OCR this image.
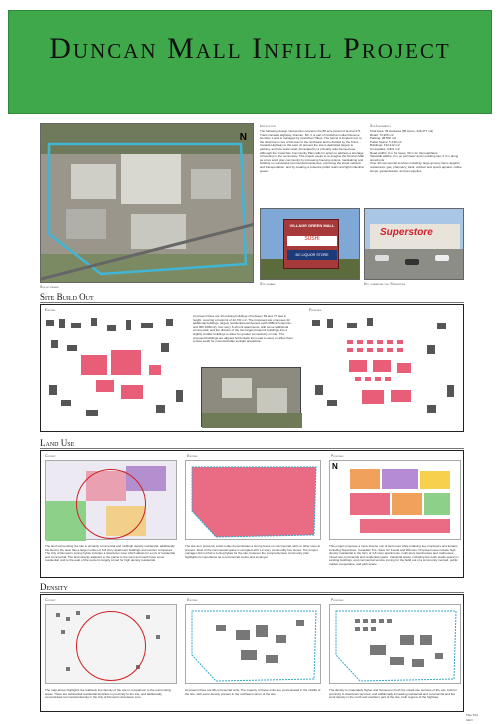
Duncan Mall Infill Project
N
Site at present
Introduction
The following design intervention concerns the 88 acre parcel of land at 271 Trans Canada Highway, Duncan, BC. It is part of Cowichan Indian Reserve Number 1 and is managed by Cowichan Tribes. The parcel is located next to the downtown core of Duncan to the northwest and is divided by the Trans Canada Highway to the east. At present the site is dedicated largely to parking, and low scale retail; dominated by a primarily auto-focused use. Although the Cowichan Community Plan calls for action to address a shortage of housing in the community. This project seeks to re-imagine the Duncan Mall as a live work play community by increasing housing options, maintaining and building on successful commercial businesses, improving the street network and transportation, and by creating a cohesive public realm and light industrial space.
Site Information
Total Area: 35 Hectares (86 Acres, 349,377 m2)
Retail: 73,395 m2
Parking: 38,500 m2
Public Space: 5,130 m2
Buildings: 133,412 m2
Crosswalks: 3,821 m2
Road widths: 9 m for lanes, 30 m for thoroughfares
Sidewalk widths: 3 m on perimeter and in parking lots, 0.3 m along storefronts
Over 30 commercial services including: large grocery items apparel, restaurants, gas, pharmacy, bank, outdoor and sports apparel, coffee shops, gardenstands, and pet supplies
VILLAGE GREEN MALL
SUSHI
BC LIQUOR STORE
Site signage
Superstore
Key commercial use: Superstore
Site Build Out
Existing	Proposed
At present there are 19 existing buildings of between 69 and 77 feet in height, covering a footprint of 42,721 m2. The proposed site proposes 42 additional buildings, largely residential townhouses (with 288m2 footprints, and 905 1000m2), four-story 6-10 unit apartments, with some additional commercial; and the division of the two largest footprint buildings into 4 slightly smaller buildings to allow for greater connectivity on site. The proposed buildings are aligned horizontally from east to west, to allow them to face south for most desirable sunlight acquisition.
Land Use
Context	Existing	Proposed
N
The land surrounding the site is primarily commercial and mid/high density residential, additionally the land to the west has a large number of 6-8 story apartment buildings and seniors complexes. The City of Duncan's zoning bylaw includes a downtown zone which allows for a mix of residential and commercial. The land directly adjacent to the parcel to the west and south have some residential, and to the east of the parcel is largely zoned for high density residential.
The site as it presently exists today demonstrates a strong focus on commercial, with no other uses at present. Most of the commercial space is occupied with 1-2 story commodity box stores. The project manager did not find a zoning bylaw for the site, however the comprehensive community plan highlights its importance as a commercial centre and employer.
This project proposes a more diverse mix of land uses while retaining key employers and tenants including Superstore, Canadian Tire, Save On Foods and Winners. Proposed uses include high density residential in the form of 4-6 story apartments, multi-story townhouses and rowhouses, mixed-use commercial and residential space. Industrial space, including live work studio space) in existing buildings, and commercial service zoning for the build out of a community centred, public market cooperative, and park space.
Density
Context	Existing	Proposed
The map above highlights the relatively low density of the site in comparison to the surrounding areas. There are substantial residential densities in proximity to the site, and additionally concentrated commercial density in the City of Duncan's downtown core.
At present there are 98 commercial units. The majority of these units are concentrated in the middle of the site, with some density present in the northeast corner of the site.
The density is moderately higher and focused on both the mixed-use portions of the site, built for proximity to downtown services; and additionally increasing residential and commercial and live work density in the north and southern part of the site, both regions of the highway.
Plan 544
GEO
